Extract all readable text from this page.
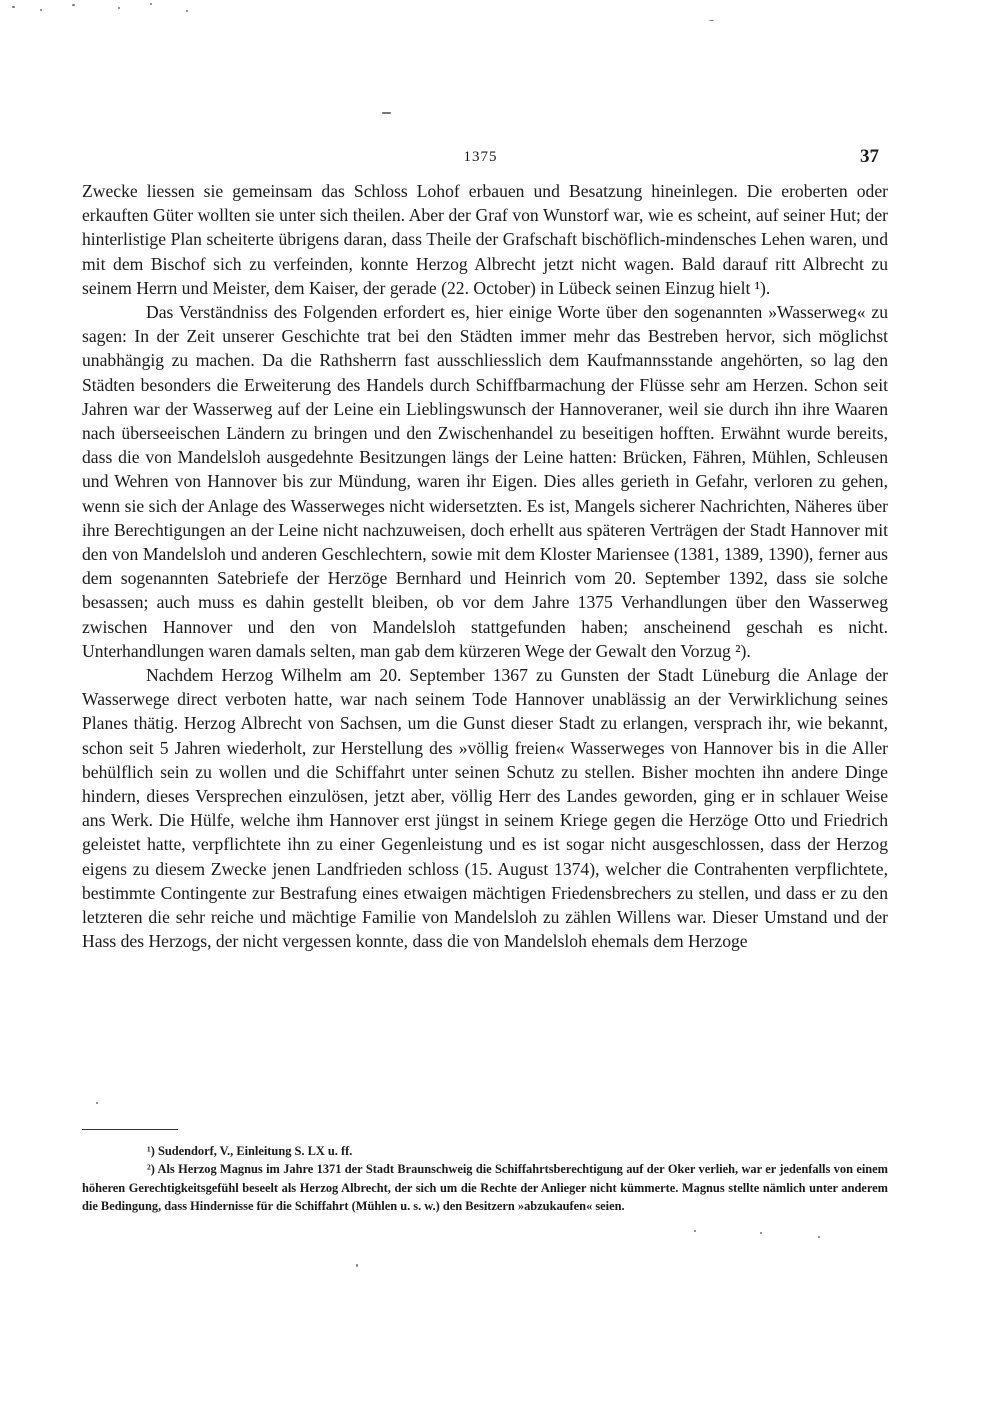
1375	37

Zwecke liessen sie gemeinsam das Schloss Lohof erbauen und Besatzung hineinlegen. Die eroberten oder erkauften Güter wollten sie unter sich theilen. Aber der Graf von Wunstorf war, wie es scheint, auf seiner Hut; der hinterlistige Plan scheiterte übrigens daran, dass Theile der Grafschaft bischöflich-mindensches Lehen waren, und mit dem Bischof sich zu verfeinden, konnte Herzog Albrecht jetzt nicht wagen. Bald darauf ritt Albrecht zu seinem Herrn und Meister, dem Kaiser, der gerade (22. October) in Lübeck seinen Einzug hielt ¹).

Das Verständniss des Folgenden erfordert es, hier einige Worte über den sogenannten »Wasserweg« zu sagen: In der Zeit unserer Geschichte trat bei den Städten immer mehr das Bestreben hervor, sich möglichst unabhängig zu machen. Da die Rathsherrn fast ausschliesslich dem Kaufmannsstande angehörten, so lag den Städten besonders die Erweiterung des Handels durch Schiffbarmachung der Flüsse sehr am Herzen. Schon seit Jahren war der Wasserweg auf der Leine ein Lieblingswunsch der Hannoveraner, weil sie durch ihn ihre Waaren nach überseeischen Ländern zu bringen und den Zwischenhandel zu beseitigen hofften. Erwähnt wurde bereits, dass die von Mandelsloh ausgedehnte Besitzungen längs der Leine hatten: Brücken, Fähren, Mühlen, Schleusen und Wehren von Hannover bis zur Mündung, waren ihr Eigen. Dies alles gerieth in Gefahr, verloren zu gehen, wenn sie sich der Anlage des Wasserweges nicht widersetzten. Es ist, Mangels sicherer Nachrichten, Näheres über ihre Berechtigungen an der Leine nicht nachzuweisen, doch erhellt aus späteren Verträgen der Stadt Hannover mit den von Mandelsloh und anderen Geschlechtern, sowie mit dem Kloster Mariensee (1381, 1389, 1390), ferner aus dem sogenannten Satebriefe der Herzöge Bernhard und Heinrich vom 20. September 1392, dass sie solche besassen; auch muss es dahin gestellt bleiben, ob vor dem Jahre 1375 Verhandlungen über den Wasserweg zwischen Hannover und den von Mandelsloh stattgefunden haben; anscheinend geschah es nicht. Unterhandlungen waren damals selten, man gab dem kürzeren Wege der Gewalt den Vorzug ²).

Nachdem Herzog Wilhelm am 20. September 1367 zu Gunsten der Stadt Lüneburg die Anlage der Wasserwege direct verboten hatte, war nach seinem Tode Hannover unablässig an der Verwirklichung seines Planes thätig. Herzog Albrecht von Sachsen, um die Gunst dieser Stadt zu erlangen, versprach ihr, wie bekannt, schon seit 5 Jahren wiederholt, zur Herstellung des »völlig freien« Wasserweges von Hannover bis in die Aller behülflich sein zu wollen und die Schiffahrt unter seinen Schutz zu stellen. Bisher mochten ihn andere Dinge hindern, dieses Versprechen einzulösen, jetzt aber, völlig Herr des Landes geworden, ging er in schlauer Weise ans Werk. Die Hülfe, welche ihm Hannover erst jüngst in seinem Kriege gegen die Herzöge Otto und Friedrich geleistet hatte, verpflichtete ihn zu einer Gegenleistung und es ist sogar nicht ausgeschlossen, dass der Herzog eigens zu diesem Zwecke jenen Landfrieden schloss (15. August 1374), welcher die Contrahenten verpflichtete, bestimmte Contingente zur Bestrafung eines etwaigen mächtigen Friedensbrechers zu stellen, und dass er zu den letzteren die sehr reiche und mächtige Familie von Mandelsloh zu zählen Willens war. Dieser Umstand und der Hass des Herzogs, der nicht vergessen konnte, dass die von Mandelsloh ehemals dem Herzoge

¹) Sudendorf, V., Einleitung S. LX u. ff.

²) Als Herzog Magnus im Jahre 1371 der Stadt Braunschweig die Schiffahrtsberechtigung auf der Oker verlieh, war er jedenfalls von einem höheren Gerechtigkeitsgefühl beseelt als Herzog Albrecht, der sich um die Rechte der Anlieger nicht kümmerte. Magnus stellte nämlich unter anderem die Bedingung, dass Hindernisse für die Schiffahrt (Mühlen u. s. w.) den Besitzern »abzukaufen« seien.
